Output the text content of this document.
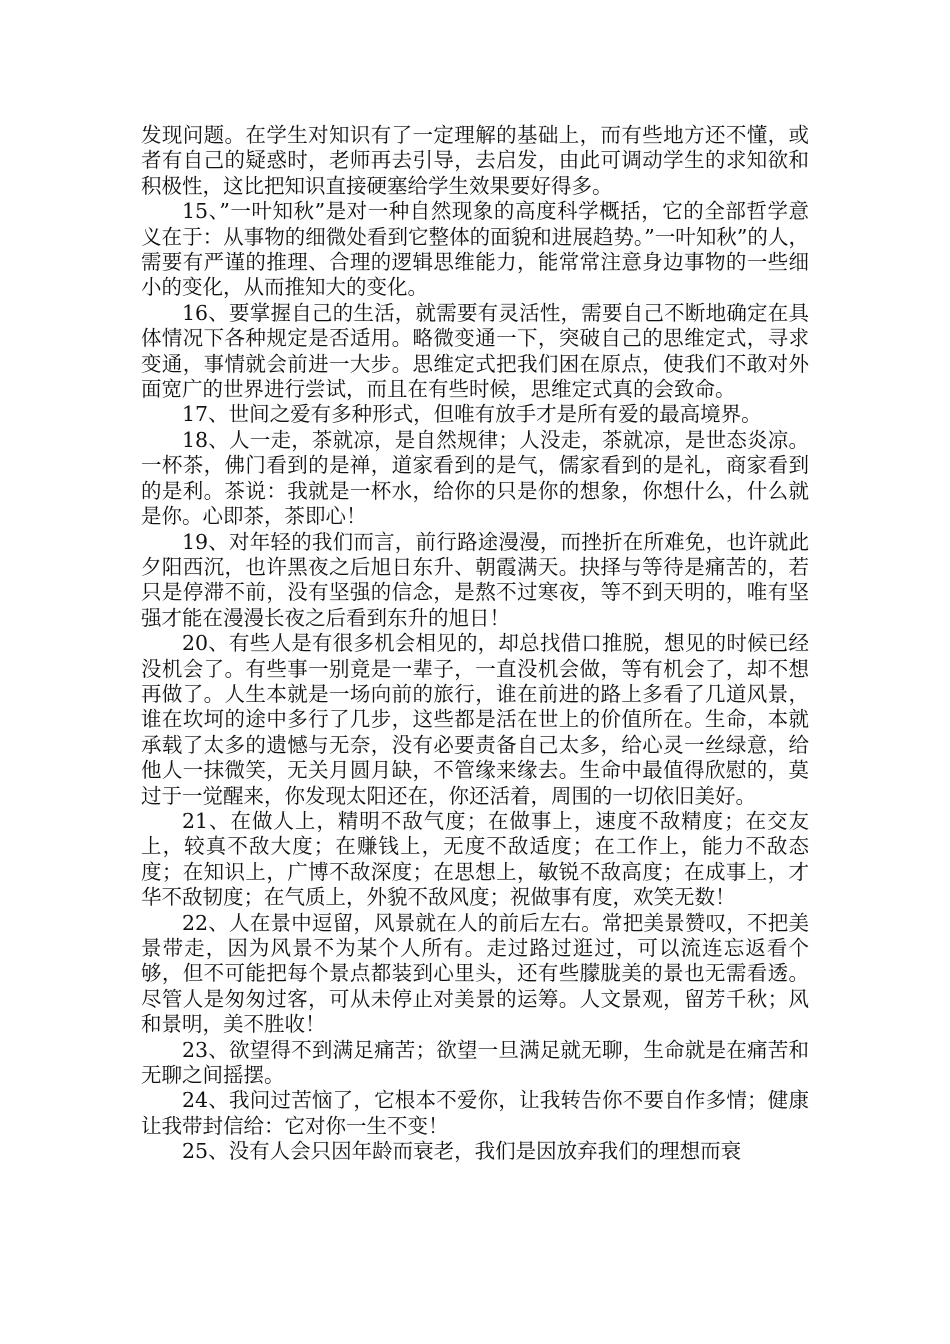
发现问题。在学生对知识有了一定理解的基础上，而有些地方还不懂，或者有自己的疑惑时，老师再去引导，去启发，由此可调动学生的求知欲和积极性，这比把知识直接硬塞给学生效果要好得多。

15、”一叶知秋”是对一种自然现象的高度科学概括，它的全部哲学意义在于：从事物的细微处看到它整体的面貌和进展趋势。”一叶知秋”的人，需要有严谨的推理、合理的逻辑思维能力，能常常注意身边事物的一些细小的变化，从而推知大的变化。

16、要掌握自己的生活，就需要有灵活性，需要自己不断地确定在具体情况下各种规定是否适用。略微变通一下，突破自己的思维定式，寻求变通，事情就会前进一大步。思维定式把我们困在原点，使我们不敢对外面宽广的世界进行尝试，而且在有些时候，思维定式真的会致命。

17、世间之爱有多种形式，但唯有放手才是所有爱的最高境界。

18、人一走，茶就凉，是自然规律；人没走，茶就凉，是世态炎凉。一杯茶，佛门看到的是禅，道家看到的是气，儒家看到的是礼，商家看到的是利。茶说：我就是一杯水，给你的只是你的想象，你想什么，什么就是你。心即茶，茶即心！

19、对年轻的我们而言，前行路途漫漫，而挫折在所难免，也许就此夕阳西沉，也许黑夜之后旭日东升、朝霞满天。抉择与等待是痛苦的，若只是停滞不前，没有坚强的信念，是熬不过寒夜，等不到天明的，唯有坚强才能在漫漫长夜之后看到东升的旭日！

20、有些人是有很多机会相见的，却总找借口推脱，想见的时候已经没机会了。有些事一别竟是一辈子，一直没机会做，等有机会了，却不想再做了。人生本就是一场向前的旅行，谁在前进的路上多看了几道风景，谁在坎坷的途中多行了几步，这些都是活在世上的价值所在。生命，本就承载了太多的遗憾与无奈，没有必要责备自己太多，给心灵一丝绿意，给他人一抹微笑，无关月圆月缺，不管缘来缘去。生命中最值得欣慰的，莫过于一觉醒来，你发现太阳还在，你还活着，周围的一切依旧美好。

21、在做人上，精明不敌气度；在做事上，速度不敌精度；在交友上，较真不敌大度；在赚钱上，无度不敌适度；在工作上，能力不敌态度；在知识上，广博不敌深度；在思想上，敏锐不敌高度；在成事上，才华不敌韧度；在气质上，外貌不敌风度；祝做事有度，欢笑无数！

22、人在景中逗留，风景就在人的前后左右。常把美景赞叹，不把美景带走，因为风景不为某个人所有。走过路过逛过，可以流连忘返看个够，但不可能把每个景点都装到心里头，还有些朦胧美的景也无需看透。尽管人是匆匆过客，可从未停止对美景的运筹。人文景观，留芳千秋；风和景明，美不胜收！

23、欲望得不到满足痛苦；欲望一旦满足就无聊，生命就是在痛苦和无聊之间摇摆。

24、我问过苦恼了，它根本不爱你，让我转告你不要自作多情；健康让我带封信给：它对你一生不变！

25、没有人会只因年龄而衰老，我们是因放弃我们的理想而衰
